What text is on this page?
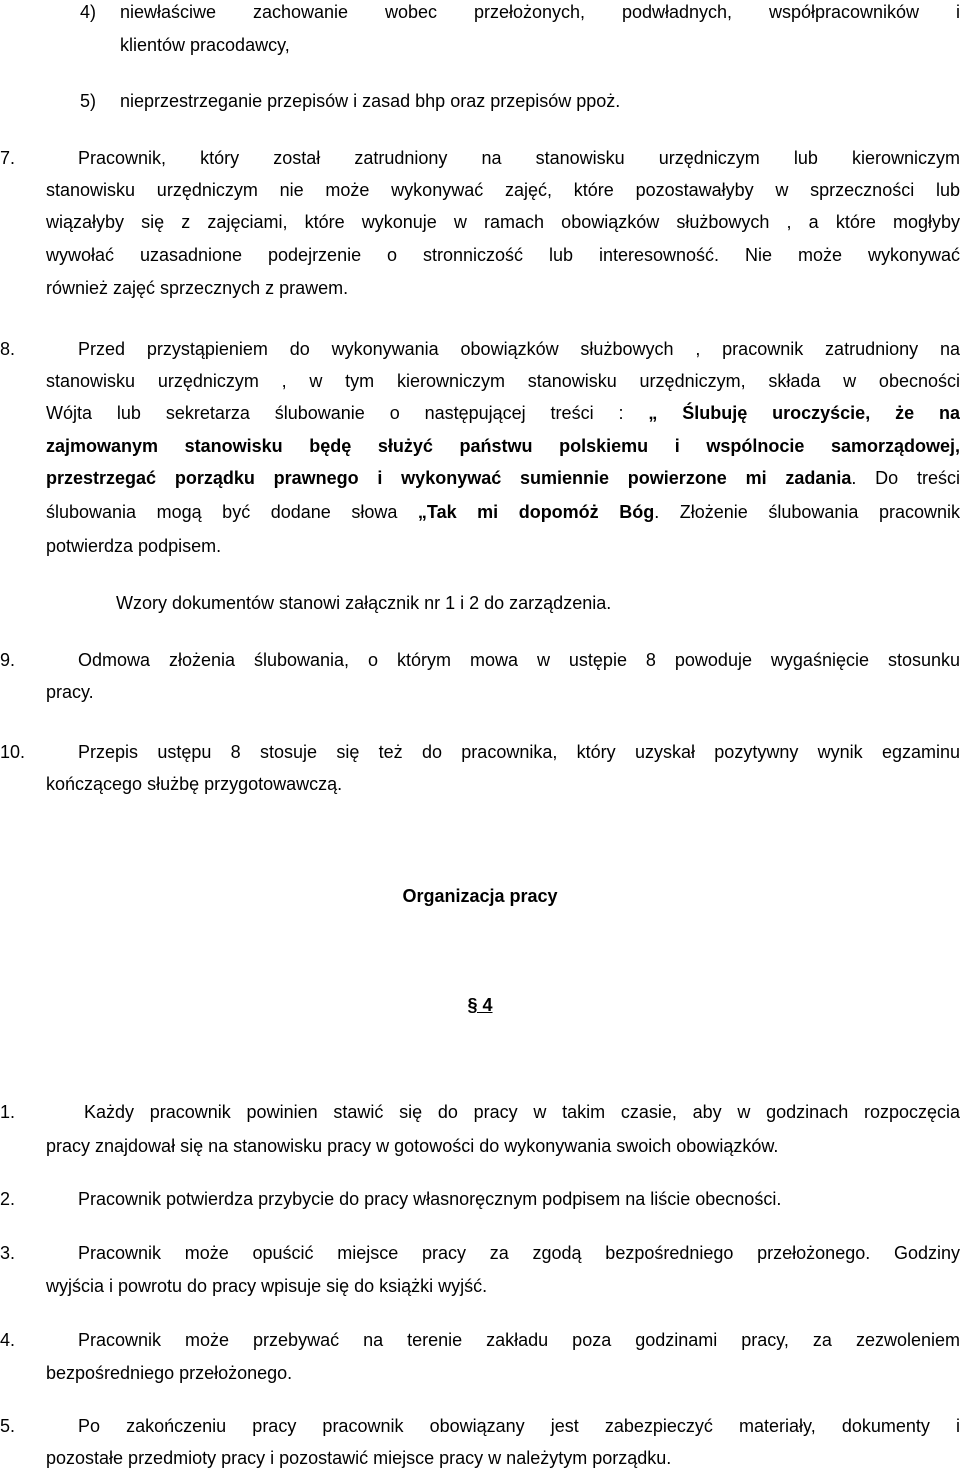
4) niewłaściwe zachowanie wobec przełożonych, podwładnych, współpracowników i
klientów pracodawcy,
5) nieprzestrzeganie przepisów i zasad bhp oraz przepisów ppoż.
7.	Pracownik, który został zatrudniony na stanowisku urzędniczym lub kierowniczym
stanowisku urzędniczym nie może wykonywać zajęć, które pozostawałyby w sprzeczności lub
wiązałyby się z zajęciami, które wykonuje w ramach obowiązków służbowych , a które mogłyby
wywołać uzasadnione podejrzenie o stronniczość lub interesowność. Nie może wykonywać
również zajęć sprzecznych z prawem.
8.	Przed przystąpieniem do wykonywania obowiązków służbowych , pracownik zatrudniony na
stanowisku urzędniczym , w tym kierowniczym stanowisku urzędniczym, składa w obecności
Wójta lub sekretarza ślubowanie o następującej treści : „ Ślubuję uroczyście, że na
zajmowanym stanowisku będę służyć państwu polskiemu i wspólnocie samorządowej,
przestrzegać porządku prawnego i wykonywać sumiennie powierzone mi zadania. Do treści
ślubowania mogą być dodane słowa „Tak mi dopomóż Bóg. Złożenie ślubowania pracownik
potwierdza podpisem.
Wzory dokumentów stanowi załącznik nr 1 i 2 do zarządzenia.
9.	Odmowa złożenia ślubowania, o którym mowa w ustępie 8 powoduje wygaśnięcie stosunku
pracy.
10.	Przepis ustępu 8 stosuje się też do pracownika, który uzyskał pozytywny wynik egzaminu
kończącego służbę przygotowawczą.
Organizacja pracy
§ 4
1.	Każdy pracownik powinien stawić się do pracy w takim czasie, aby w godzinach rozpoczęcia
pracy znajdował się na stanowisku pracy w gotowości do wykonywania swoich obowiązków.
2.	Pracownik potwierdza przybycie do pracy własnoręcznym podpisem na liście obecności.
3.	Pracownik może opuścić miejsce pracy za zgodą bezpośredniego przełożonego. Godziny
wyjścia i powrotu do pracy wpisuje się do książki wyjść.
4.	Pracownik może przebywać na terenie zakładu poza godzinami pracy, za zezwoleniem
bezpośredniego przełożonego.
5.	Po zakończeniu pracy pracownik obowiązany jest zabezpieczyć materiały, dokumenty i
pozostałe przedmioty pracy i pozostawić miejsce pracy w należytym porządku.
